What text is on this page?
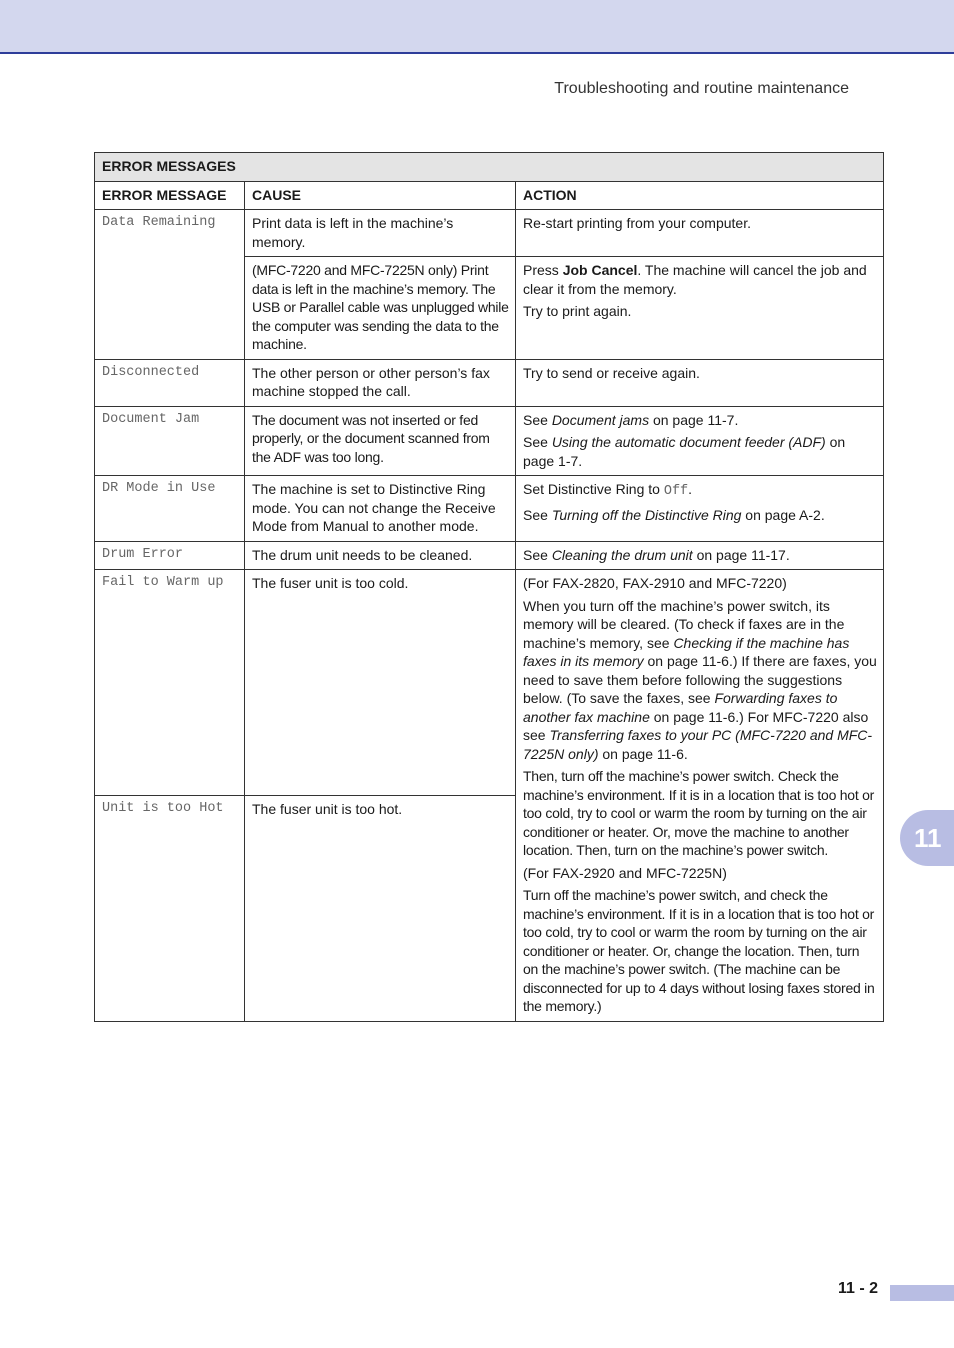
Troubleshooting and routine maintenance
ERROR MESSAGES		
ERROR MESSAGE	CAUSE	ACTION
Data Remaining	Print data is left in the machine’s memory.	Re-start printing from your computer.
	(MFC-7220 and MFC-7225N only) Print data is left in the machine’s memory. The USB or Parallel cable was unplugged while the computer was sending the data to the machine.	Press Job Cancel. The machine will cancel the job and clear it from the memory.

Try to print again.

Disconnected	The other person or other person’s fax machine stopped the call.	Try to send or receive again.
Document Jam	The document was not inserted or fed properly, or the document scanned from the ADF was too long.	See Document jams on page 11-7.

See Using the automatic document feeder (ADF) on page 1-7.

DR Mode in Use	The machine is set to Distinctive Ring mode. You can not change the Receive Mode from Manual to another mode.	Set Distinctive Ring to Off.

See Turning off the Distinctive Ring on page A-2.

Drum Error	The drum unit needs to be cleaned.	See Cleaning the drum unit on page 11-17.
Fail to Warm up	The fuser unit is too cold.	(For FAX-2820, FAX-2910 and MFC-7220)

When you turn off the machine’s power switch, its memory will be cleared. (To check if faxes are in the machine’s memory, see Checking if the machine has faxes in its memory on page 11-6.) If there are faxes, you need to save them before following the suggestions below. (To save the faxes, see Forwarding faxes to another fax machine on page 11-6.) For MFC-7220 also see Transferring faxes to your PC (MFC-7220 and MFC-7225N only) on page 11-6.

Then, turn off the machine’s power switch. Check the machine’s environment. If it is in a location that is too hot or too cold, try to cool or warm the room by turning on the air conditioner or heater. Or, move the machine to another location. Then, turn on the machine’s power switch.

(For FAX-2920 and MFC-7225N)

Turn off the machine’s power switch, and check the machine’s environment. If it is in a location that is too hot or too cold, try to cool or warm the room by turning on the air conditioner or heater. Or, change the location. Then, turn on the machine’s power switch. (The machine can be disconnected for up to 4 days without losing faxes stored in the memory.)

Unit is too Hot	The fuser unit is too hot.	
11
11 - 2
